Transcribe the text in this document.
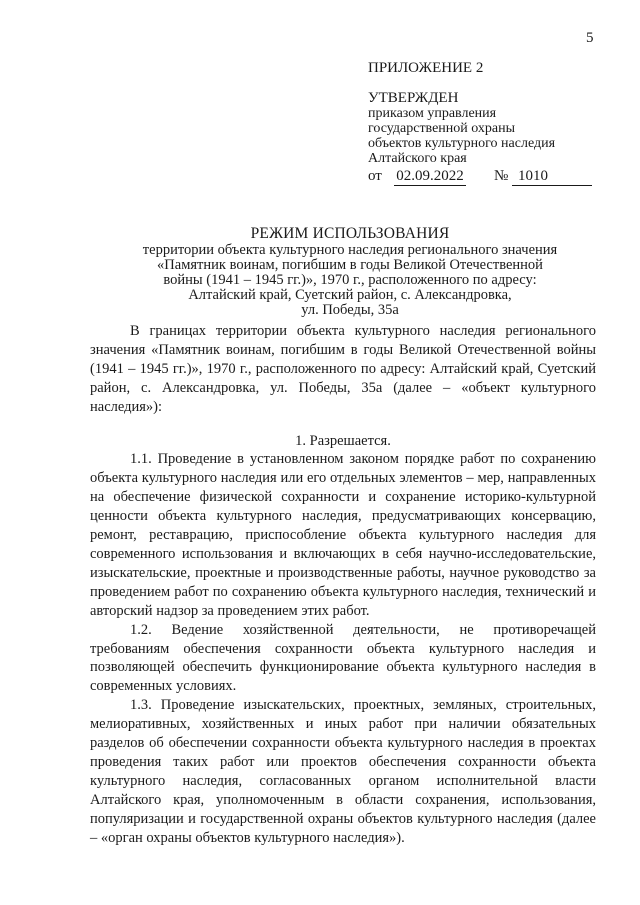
5
ПРИЛОЖЕНИЕ 2
УТВЕРЖДЕН
приказом управления
государственной охраны
объектов культурного наследия
Алтайского края
от 02.09.2022 № 1010
РЕЖИМ ИСПОЛЬЗОВАНИЯ
территории объекта культурного наследия регионального значения
«Памятник воинам, погибшим в годы Великой Отечественной
войны (1941 – 1945 гг.)», 1970 г., расположенного по адресу:
Алтайский край, Суетский район, с. Александровка,
ул. Победы, 35а

В границах территории объекта культурного наследия регионального значения «Памятник воинам, погибшим в годы Великой Отечественной войны (1941 – 1945 гг.)», 1970 г., расположенного по адресу: Алтайский край, Суетский район, с. Александровка, ул. Победы, 35а (далее – «объект культурного наследия»):

1. Разрешается.

1.1. Проведение в установленном законом порядке работ по сохранению объекта культурного наследия или его отдельных элементов – мер, направленных на обеспечение физической сохранности и сохранение историко-культурной ценности объекта культурного наследия, предусматривающих консервацию, ремонт, реставрацию, приспособление объекта культурного наследия для современного использования и включающих в себя научно-исследовательские, изыскательские, проектные и производственные работы, научное руководство за проведением работ по сохранению объекта культурного наследия, технический и авторский надзор за проведением этих работ.

1.2. Ведение хозяйственной деятельности, не противоречащей требованиям обеспечения сохранности объекта культурного наследия и позволяющей обеспечить функционирование объекта культурного наследия в современных условиях.

1.3. Проведение изыскательских, проектных, земляных, строительных, мелиоративных, хозяйственных и иных работ при наличии обязательных разделов об обеспечении сохранности объекта культурного наследия в проектах проведения таких работ или проектов обеспечения сохранности объекта культурного наследия, согласованных органом исполнительной власти Алтайского края, уполномоченным в области сохранения, использования, популяризации и государственной охраны объектов культурного наследия (далее – «орган охраны объектов культурного наследия»).
